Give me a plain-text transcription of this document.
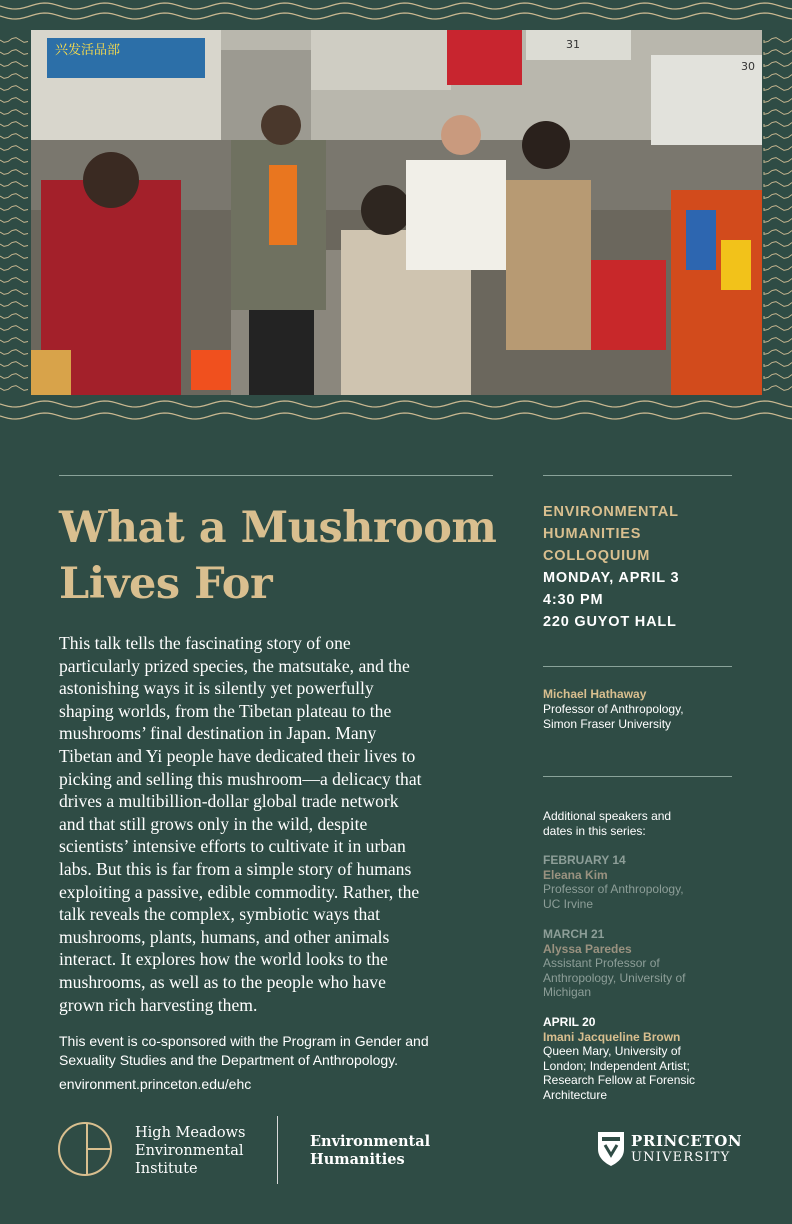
兴发活品部	31
30
What a Mushroom
Lives For
This talk tells the fascinating story of one
particularly prized species, the matsutake, and the
astonishing ways it is silently yet powerfully
shaping worlds, from the Tibetan plateau to the
mushrooms’ final destination in Japan. Many
Tibetan and Yi people have dedicated their lives to
picking and selling this mushroom—a delicacy that
drives a multibillion-dollar global trade network
and that still grows only in the wild, despite
scientists’ intensive efforts to cultivate it in urban
labs. But this is far from a simple story of humans
exploiting a passive, edible commodity. Rather, the
talk reveals the complex, symbiotic ways that
mushrooms, plants, humans, and other animals
interact. It explores how the world looks to the
mushrooms, as well as to the people who have
grown rich harvesting them.
This event is co-sponsored with the Program in Gender and
Sexuality Studies and the Department of Anthropology.
environment.princeton.edu/ehc
ENVIRONMENTAL
HUMANITIES
COLLOQUIUM
MONDAY, APRIL 3
4:30 PM
220 GUYOT HALL
Michael Hathaway
Professor of Anthropology,
Simon Fraser University
Additional speakers and
dates in this series:
FEBRUARY 14
Eleana Kim
Professor of Anthropology,
UC Irvine
MARCH 21
Alyssa Paredes
Assistant Professor of
Anthropology, University of
Michigan
APRIL 20
Imani Jacqueline Brown
Queen Mary, University of
London; Independent Artist;
Research Fellow at Forensic
Architecture
High Meadows
Environmental
Institute
Environmental
Humanities
PRINCETON
UNIVERSITY
